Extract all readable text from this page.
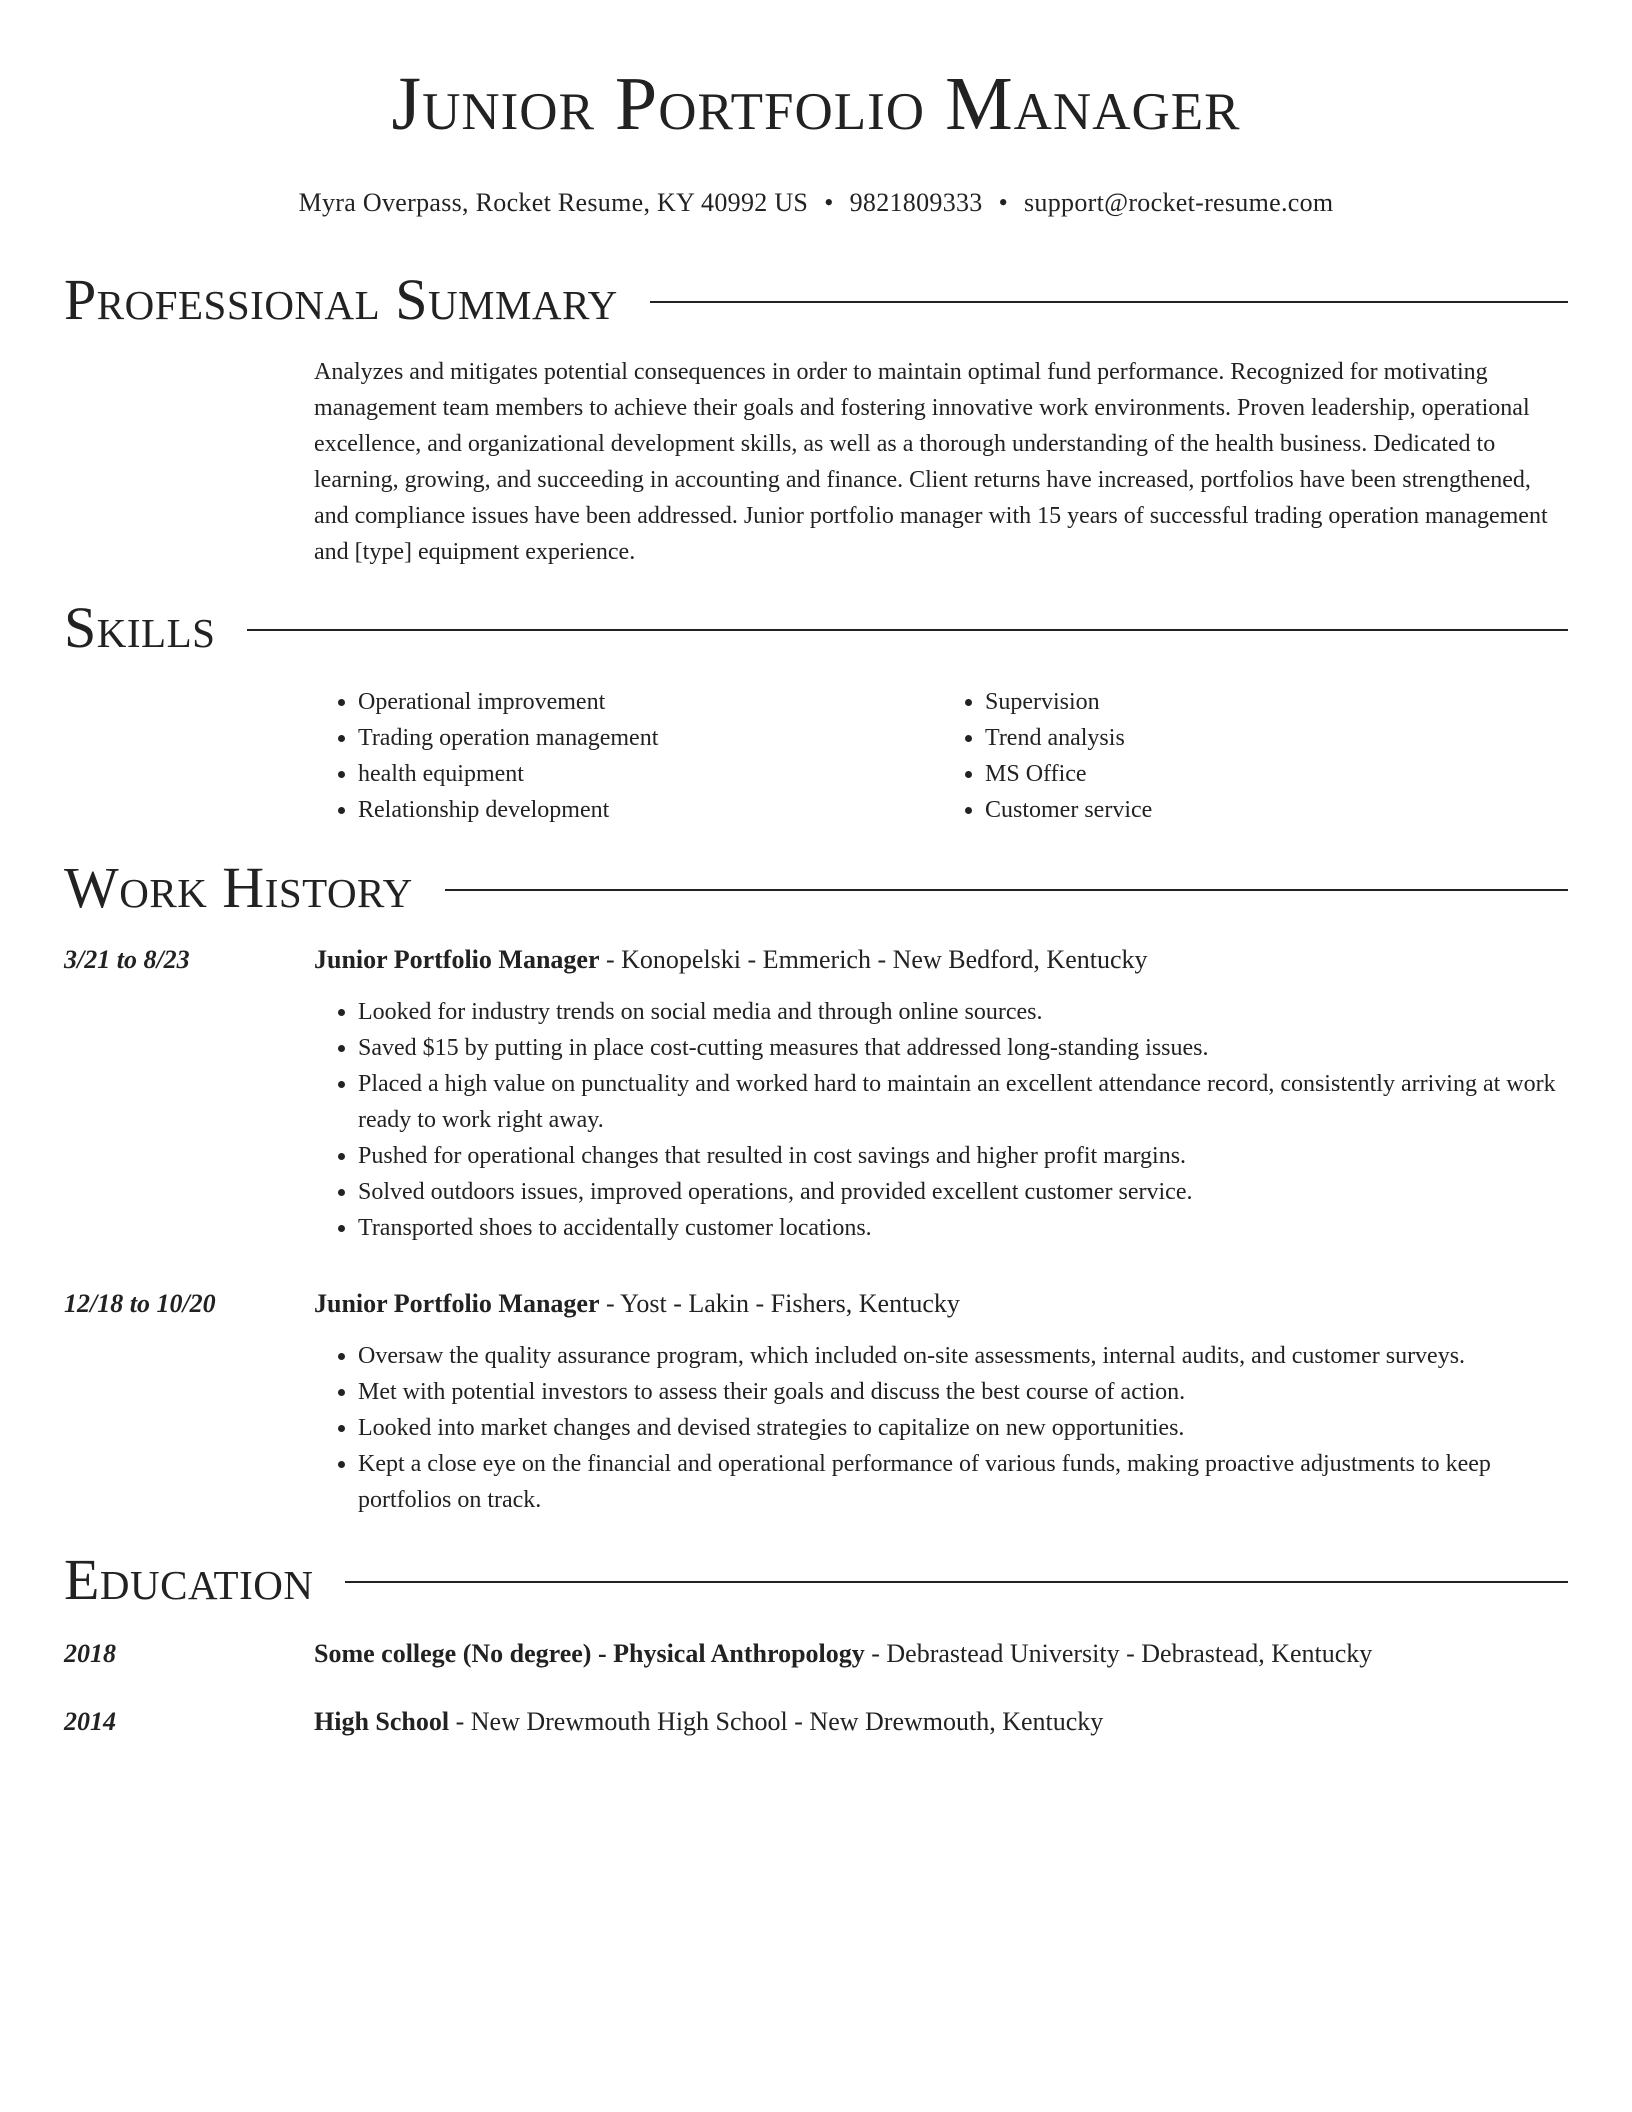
Junior Portfolio Manager
Myra Overpass, Rocket Resume, KY 40992 US • 9821809333 • support@rocket-resume.com
Professional Summary
Analyzes and mitigates potential consequences in order to maintain optimal fund performance. Recognized for motivating management team members to achieve their goals and fostering innovative work environments. Proven leadership, operational excellence, and organizational development skills, as well as a thorough understanding of the health business. Dedicated to learning, growing, and succeeding in accounting and finance. Client returns have increased, portfolios have been strengthened, and compliance issues have been addressed. Junior portfolio manager with 15 years of successful trading operation management and [type] equipment experience.
Skills
• Operational improvement
• Trading operation management
• health equipment
• Relationship development
• Supervision
• Trend analysis
• MS Office
• Customer service
Work History
3/21 to 8/23	Junior Portfolio Manager - Konopelski - Emmerich - New Bedford, Kentucky
• Looked for industry trends on social media and through online sources.
• Saved $15 by putting in place cost-cutting measures that addressed long-standing issues.
• Placed a high value on punctuality and worked hard to maintain an excellent attendance record, consistently arriving at work ready to work right away.
• Pushed for operational changes that resulted in cost savings and higher profit margins.
• Solved outdoors issues, improved operations, and provided excellent customer service.
• Transported shoes to accidentally customer locations.
12/18 to 10/20	Junior Portfolio Manager - Yost - Lakin - Fishers, Kentucky
• Oversaw the quality assurance program, which included on-site assessments, internal audits, and customer surveys.
• Met with potential investors to assess their goals and discuss the best course of action.
• Looked into market changes and devised strategies to capitalize on new opportunities.
• Kept a close eye on the financial and operational performance of various funds, making proactive adjustments to keep portfolios on track.
Education
2018	Some college (No degree) - Physical Anthropology - Debrastead University - Debrastead, Kentucky
2014	High School - New Drewmouth High School - New Drewmouth, Kentucky
